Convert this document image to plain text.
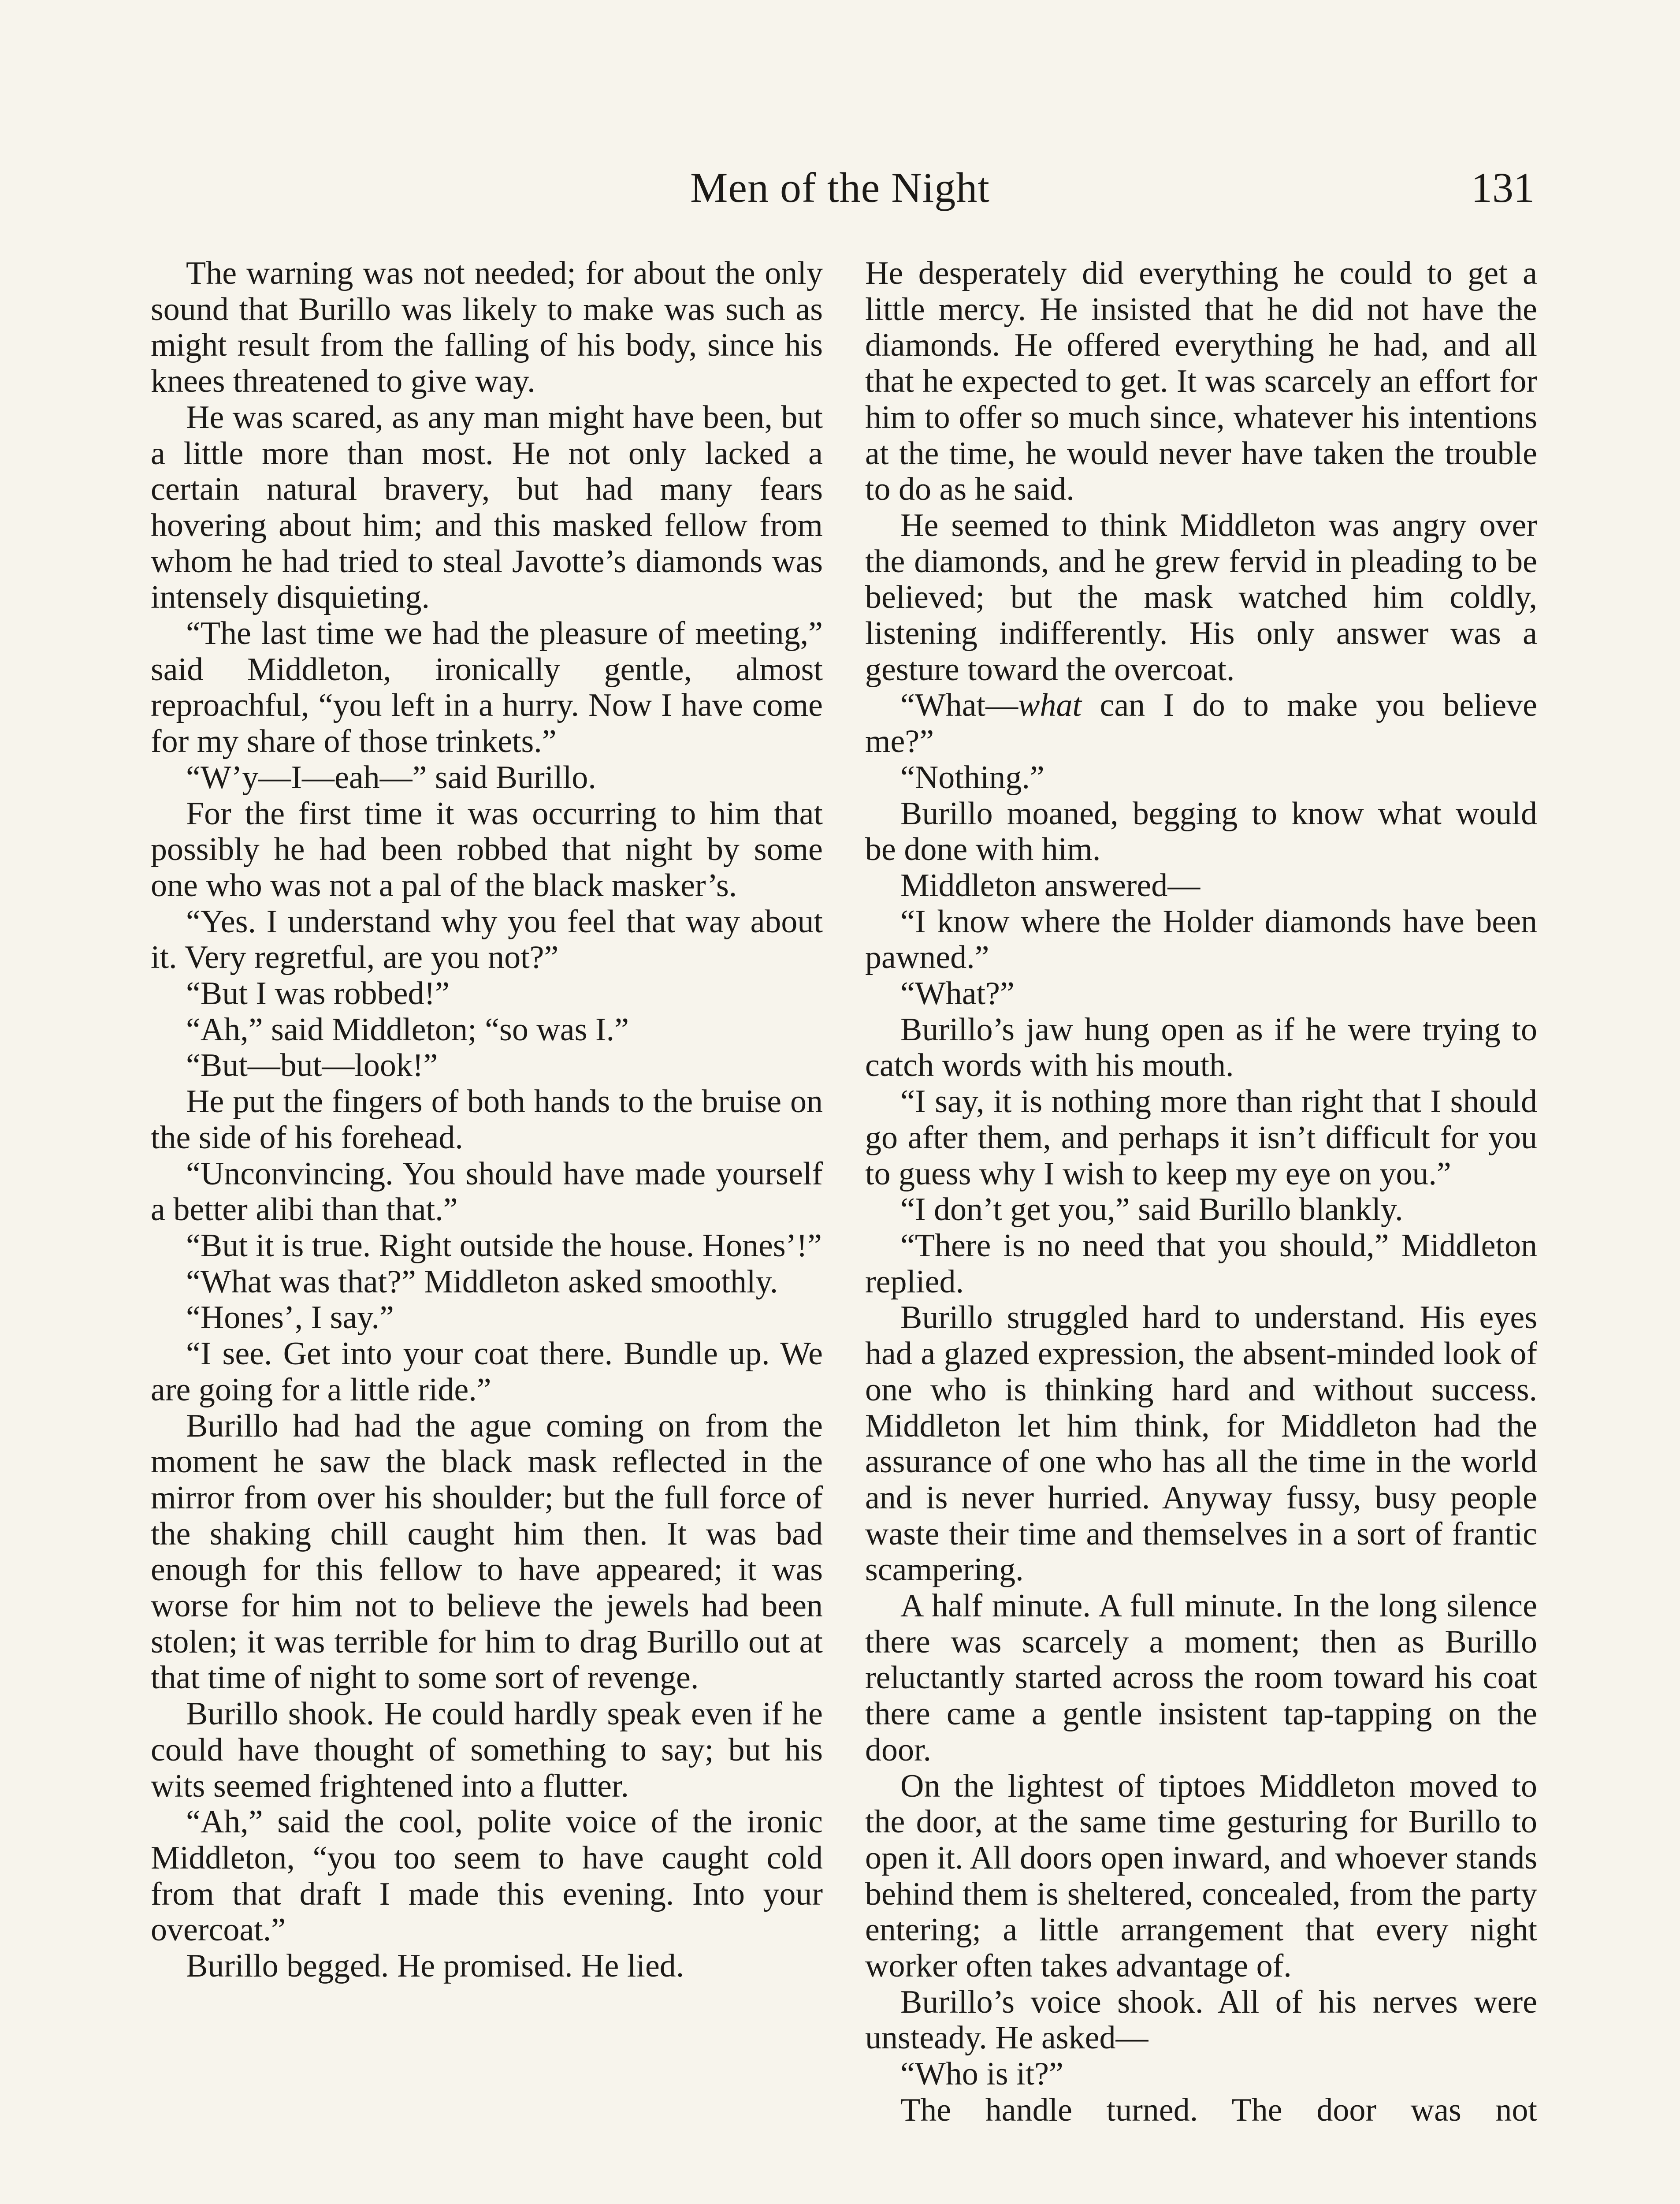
Men of the Night	131

The warning was not needed; for about the only sound that Burillo was likely to make was such as might result from the falling of his body, since his knees threatened to give way.

He was scared, as any man might have been, but a little more than most. He not only lacked a certain natural bravery, but had many fears hovering about him; and this masked fellow from whom he had tried to steal Javotte’s diamonds was intensely disquieting.

“The last time we had the pleasure of meeting,” said Middleton, ironically gentle, almost reproachful, “you left in a hurry. Now I have come for my share of those trinkets.”

“W’y—I—eah—” said Burillo.

For the first time it was occurring to him that possibly he had been robbed that night by some one who was not a pal of the black masker’s.

“Yes. I understand why you feel that way about it. Very regretful, are you not?”

“But I was robbed!”

“Ah,” said Middleton; “so was I.”

“But—but—look!”

He put the fingers of both hands to the bruise on the side of his forehead.

“Unconvincing. You should have made yourself a better alibi than that.”

“But it is true. Right outside the house. Hones’!”

“What was that?” Middleton asked smoothly.

“Hones’, I say.”

“I see. Get into your coat there. Bundle up. We are going for a little ride.”

Burillo had had the ague coming on from the moment he saw the black mask reflected in the mirror from over his shoulder; but the full force of the shaking chill caught him then. It was bad enough for this fellow to have appeared; it was worse for him not to believe the jewels had been stolen; it was terrible for him to drag Burillo out at that time of night to some sort of revenge.

Burillo shook. He could hardly speak even if he could have thought of something to say; but his wits seemed frightened into a flutter.

“Ah,” said the cool, polite voice of the ironic Middleton, “you too seem to have caught cold from that draft I made this evening. Into your overcoat.”

Burillo begged. He promised. He lied.

He desperately did everything he could to get a little mercy. He insisted that he did not have the diamonds. He offered everything he had, and all that he expected to get. It was scarcely an effort for him to offer so much since, whatever his intentions at the time, he would never have taken the trouble to do as he said.

He seemed to think Middleton was angry over the diamonds, and he grew fervid in pleading to be believed; but the mask watched him coldly, listening indifferently. His only answer was a gesture toward the overcoat.

“What—what can I do to make you believe me?”

“Nothing.”

Burillo moaned, begging to know what would be done with him.

Middleton answered—

“I know where the Holder diamonds have been pawned.”

“What?”

Burillo’s jaw hung open as if he were trying to catch words with his mouth.

“I say, it is nothing more than right that I should go after them, and perhaps it isn’t difficult for you to guess why I wish to keep my eye on you.”

“I don’t get you,” said Burillo blankly.

“There is no need that you should,” Middleton replied.

Burillo struggled hard to understand. His eyes had a glazed expression, the absent-minded look of one who is thinking hard and without success. Middleton let him think, for Middleton had the assurance of one who has all the time in the world and is never hurried. Anyway fussy, busy people waste their time and themselves in a sort of frantic scampering.

A half minute. A full minute. In the long silence there was scarcely a moment; then as Burillo reluctantly started across the room toward his coat there came a gentle insistent tap-tapping on the door.

On the lightest of tiptoes Middleton moved to the door, at the same time gesturing for Burillo to open it. All doors open inward, and whoever stands behind them is sheltered, concealed, from the party entering; a little arrangement that every night worker often takes advantage of.

Burillo’s voice shook. All of his nerves were unsteady. He asked—

“Who is it?”

The handle turned. The door was not
